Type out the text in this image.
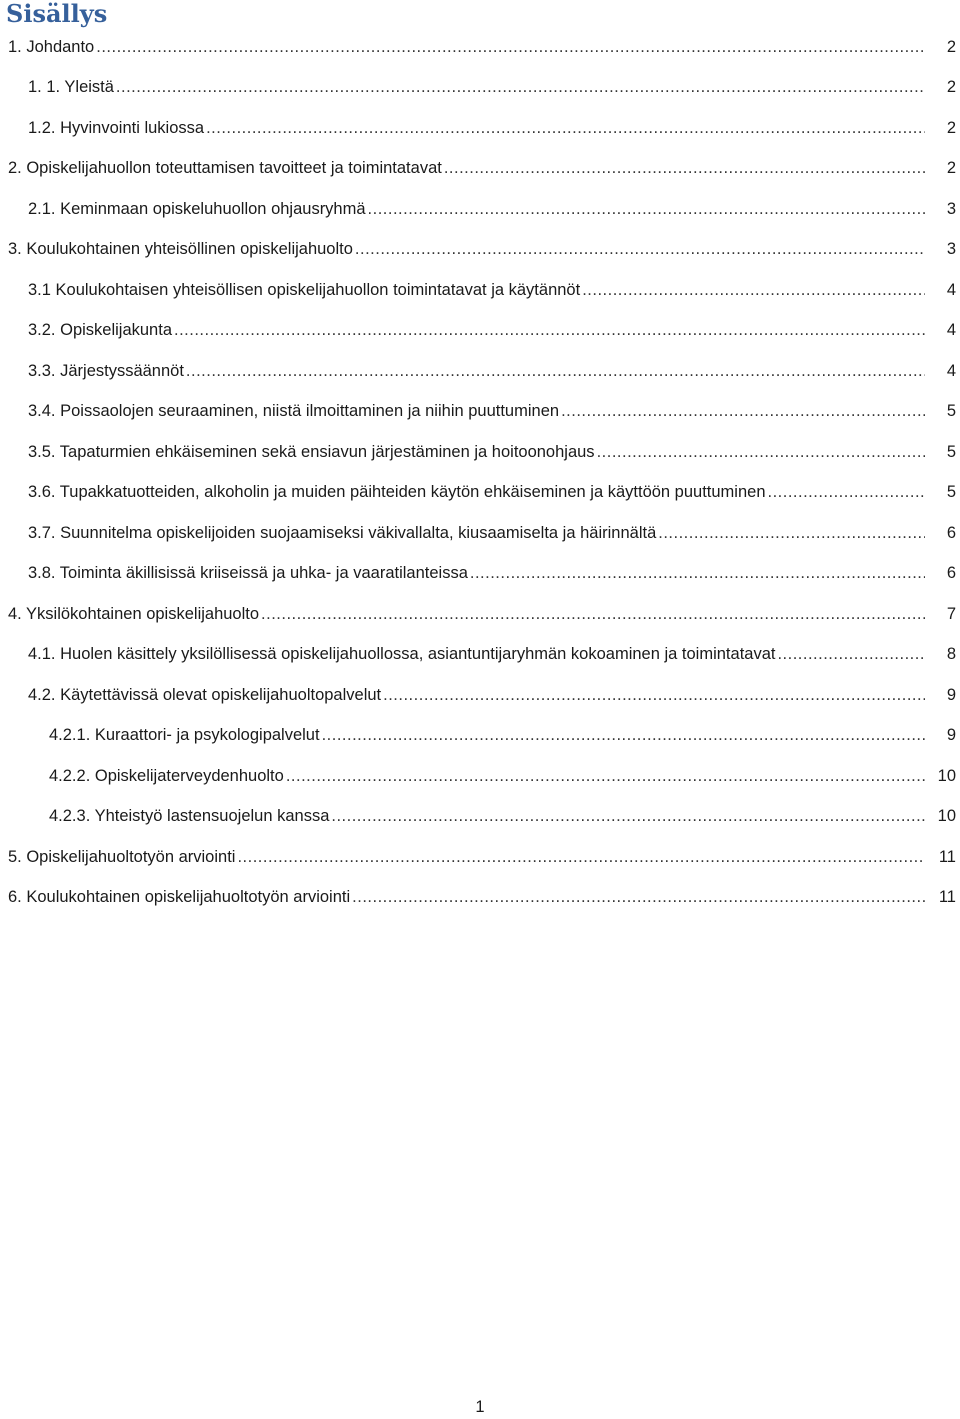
Sisällys
1. Johdanto .....	2
1. 1. Yleistä .....	2
1.2. Hyvinvointi lukiossa .....	2
2. Opiskelijahuollon toteuttamisen tavoitteet ja toimintatavat .....	2
2.1. Keminmaan opiskeluhuollon ohjausryhmä .....	3
3. Koulukohtainen yhteisöllinen opiskelijahuolto .....	3
3.1 Koulukohtaisen yhteisöllisen opiskelijahuollon toimintatavat ja käytännöt .....	4
3.2. Opiskelijakunta .....	4
3.3. Järjestyssäännöt .....	4
3.4. Poissaolojen seuraaminen, niistä ilmoittaminen ja niihin puuttuminen .....	5
3.5. Tapaturmien ehkäiseminen sekä ensiavun järjestäminen ja hoitoonohjaus .....	5
3.6. Tupakkatuotteiden, alkoholin ja muiden päihteiden käytön ehkäiseminen ja käyttöön puuttuminen .....	5
3.7. Suunnitelma opiskelijoiden suojaamiseksi väkivallalta, kiusaamiselta ja häirinnältä .....	6
3.8. Toiminta äkillisissä kriiseissä ja uhka- ja vaaratilanteissa .....	6
4. Yksilökohtainen opiskelijahuolto .....	7
4.1. Huolen käsittely yksilöllisessä opiskelijahuollossa, asiantuntijaryhmän kokoaminen ja toimintatavat .....	8
4.2. Käytettävissä olevat opiskelijahuoltopalvelut .....	9
4.2.1. Kuraattori- ja psykologipalvelut .....	9
4.2.2. Opiskelijaterveydenhuolto .....	10
4.2.3. Yhteistyö lastensuojelun kanssa .....	10
5. Opiskelijahuoltotyön arviointi .....	11
6. Koulukohtainen opiskelijahuoltotyön arviointi .....	11
1
